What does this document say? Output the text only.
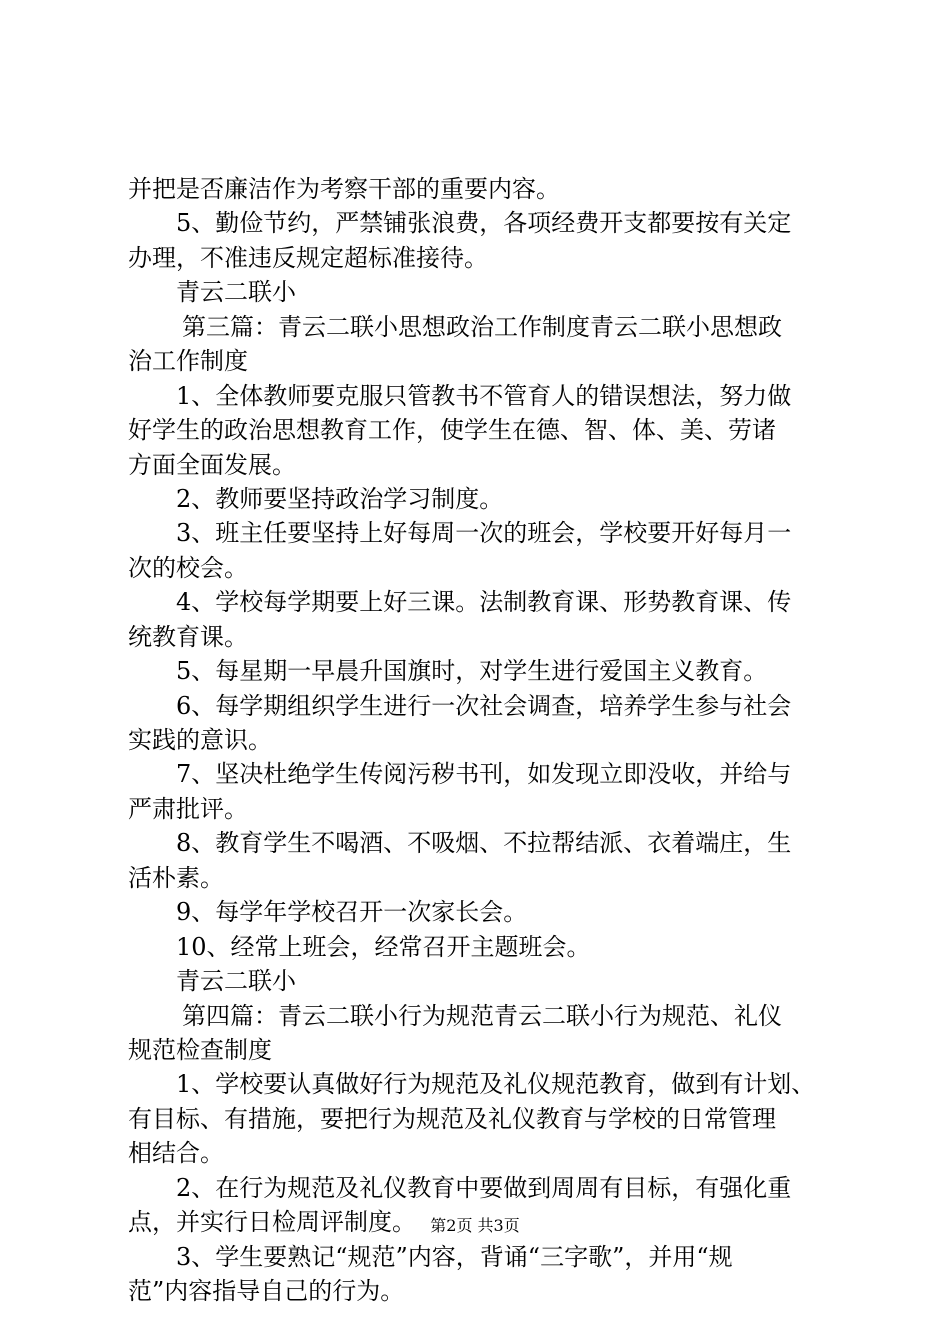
并把是否廉洁作为考察干部的重要内容。
5、勤俭节约，严禁铺张浪费，各项经费开支都要按有关定
办理，不准违反规定超标准接待。
青云二联小
第三篇：青云二联小思想政治工作制度青云二联小思想政
治工作制度
1、全体教师要克服只管教书不管育人的错误想法，努力做
好学生的政治思想教育工作，使学生在德、智、体、美、劳诸
方面全面发展。
2、教师要坚持政治学习制度。
3、班主任要坚持上好每周一次的班会，学校要开好每月一
次的校会。
4、学校每学期要上好三课。法制教育课、形势教育课、传
统教育课。
5、每星期一早晨升国旗时，对学生进行爱国主义教育。
6、每学期组织学生进行一次社会调查，培养学生参与社会
实践的意识。
7、坚决杜绝学生传阅污秽书刊，如发现立即没收，并给与
严肃批评。
8、教育学生不喝酒、不吸烟、不拉帮结派、衣着端庄，生
活朴素。
9、每学年学校召开一次家长会。
10、经常上班会，经常召开主题班会。
青云二联小
第四篇：青云二联小行为规范青云二联小行为规范、礼仪
规范检查制度
1、学校要认真做好行为规范及礼仪规范教育，做到有计划、
有目标、有措施，要把行为规范及礼仪教育与学校的日常管理
相结合。
2、在行为规范及礼仪教育中要做到周周有目标，有强化重
点，并实行日检周评制度。
3、学生要熟记“规范”内容，背诵“三字歌”，并用“规
范”内容指导自己的行为。
第2页 共3页
